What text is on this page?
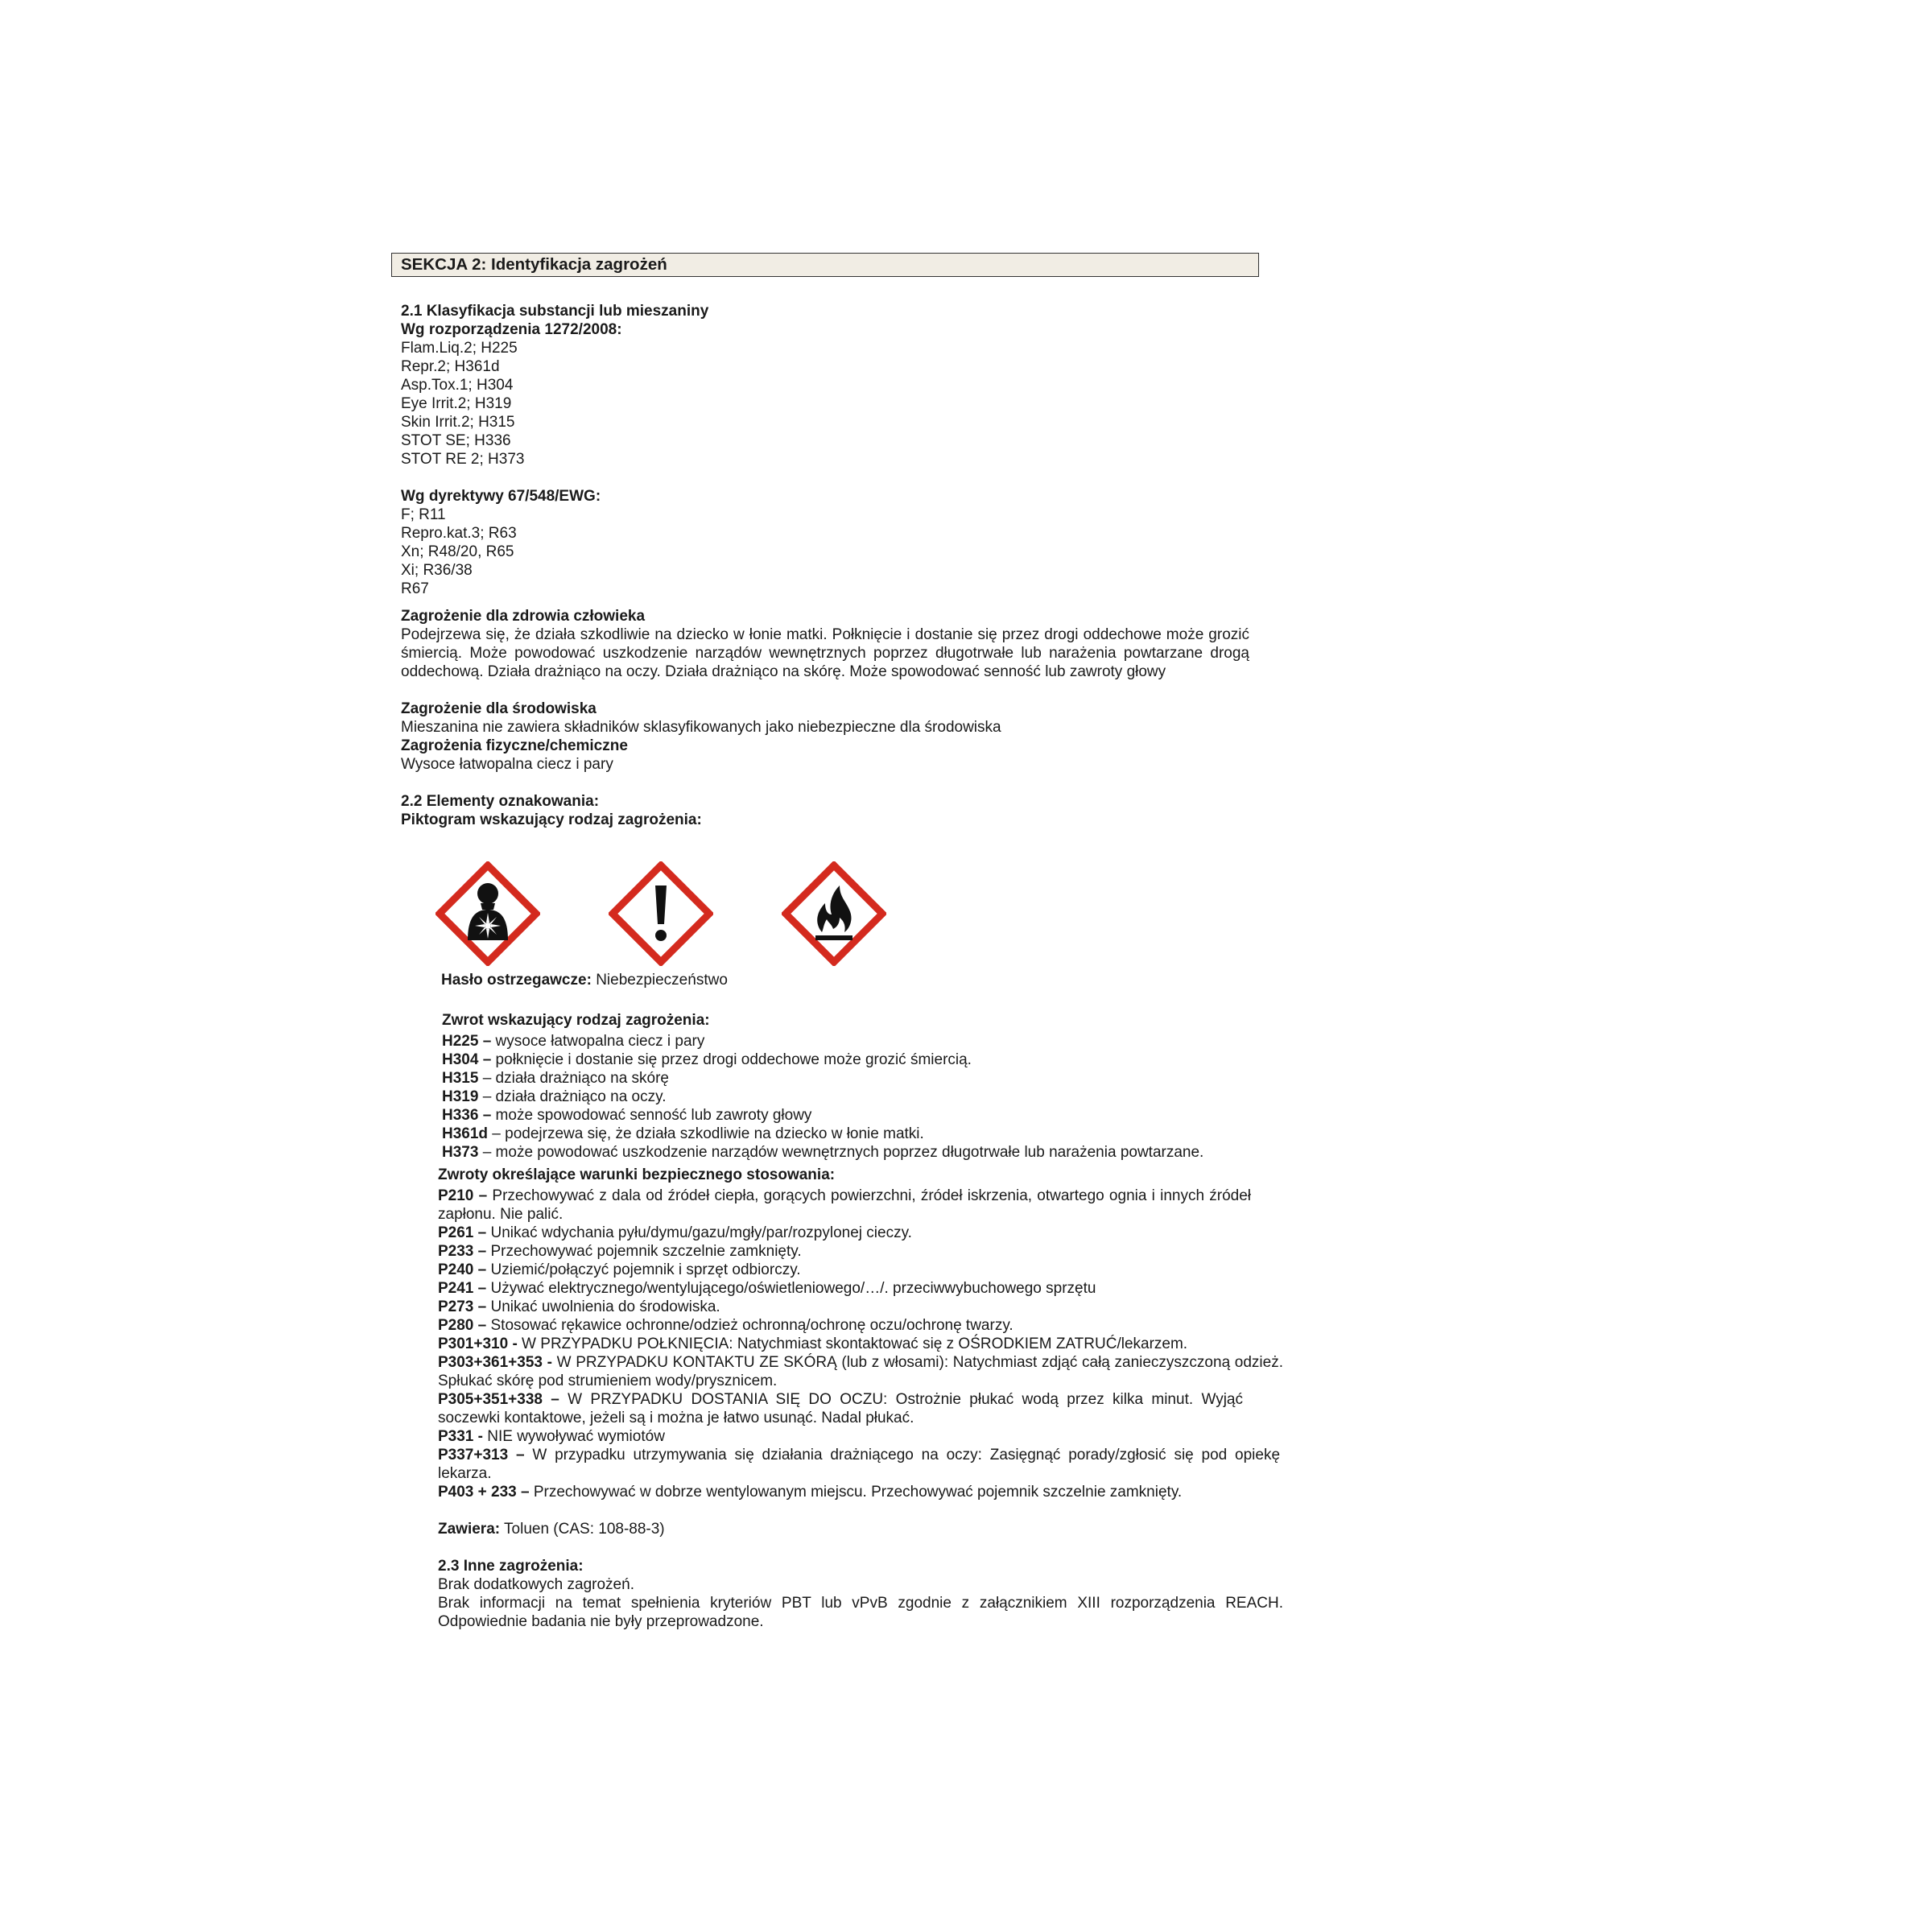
SEKCJA 2: Identyfikacja zagrożeń
2.1 Klasyfikacja substancji lub mieszaniny
Wg rozporządzenia 1272/2008:
Flam.Liq.2; H225
Repr.2; H361d
Asp.Tox.1; H304
Eye Irrit.2; H319
Skin Irrit.2; H315
STOT SE; H336
STOT RE 2; H373
Wg dyrektywy 67/548/EWG:
F; R11
Repro.kat.3; R63
Xn; R48/20, R65
Xi; R36/38
R67
Zagrożenie dla zdrowia człowieka
Podejrzewa się, że działa szkodliwie na dziecko w łonie matki. Połknięcie i dostanie się przez drogi oddechowe może grozić śmiercią. Może powodować uszkodzenie narządów wewnętrznych poprzez długotrwałe lub narażenia powtarzane drogą oddechową. Działa drażniąco na oczy. Działa drażniąco na skórę. Może spowodować senność lub zawroty głowy
Zagrożenie dla środowiska
Mieszanina nie zawiera składników sklasyfikowanych jako niebezpieczne dla środowiska
Zagrożenia fizyczne/chemiczne
Wysoce łatwopalna ciecz i pary
2.2 Elementy oznakowania:
Piktogram wskazujący rodzaj zagrożenia:
Hasło ostrzegawcze: Niebezpieczeństwo
Zwrot wskazujący rodzaj zagrożenia:
H225 – wysoce łatwopalna ciecz i pary
H304 – połknięcie i dostanie się przez drogi oddechowe może grozić śmiercią.
H315 – działa drażniąco na skórę
H319 – działa drażniąco na oczy.
H336 – może spowodować senność lub zawroty głowy
H361d – podejrzewa się, że działa szkodliwie na dziecko w łonie matki.
H373 – może powodować uszkodzenie narządów wewnętrznych poprzez długotrwałe lub narażenia powtarzane.
Zwroty określające warunki bezpiecznego stosowania:
P210 – Przechowywać z dala od źródeł ciepła, gorących powierzchni, źródeł iskrzenia, otwartego ognia i innych źródeł zapłonu. Nie palić.
P261 – Unikać wdychania pyłu/dymu/gazu/mgły/par/rozpylonej cieczy.
P233 – Przechowywać pojemnik szczelnie zamknięty.
P240 – Uziemić/połączyć pojemnik i sprzęt odbiorczy.
P241 – Używać elektrycznego/wentylującego/oświetleniowego/…/. przeciwwybuchowego sprzętu
P273 – Unikać uwolnienia do środowiska.
P280 – Stosować rękawice ochronne/odzież ochronną/ochronę oczu/ochronę twarzy.
P301+310 - W PRZYPADKU POŁKNIĘCIA: Natychmiast skontaktować się z OŚRODKIEM ZATRUĆ/lekarzem.
P303+361+353 - W PRZYPADKU KONTAKTU ZE SKÓRĄ (lub z włosami): Natychmiast zdjąć całą zanieczyszczoną odzież. Spłukać skórę pod strumieniem wody/prysznicem.
P305+351+338 – W PRZYPADKU DOSTANIA SIĘ DO OCZU: Ostrożnie płukać wodą przez kilka minut. Wyjąć soczewki kontaktowe, jeżeli są i można je łatwo usunąć. Nadal płukać.
P331 - NIE wywoływać wymiotów
P337+313 – W przypadku utrzymywania się działania drażniącego na oczy: Zasięgnąć porady/zgłosić się pod opiekę lekarza.
P403 + 233 – Przechowywać w dobrze wentylowanym miejscu. Przechowywać pojemnik szczelnie zamknięty.
Zawiera: Toluen (CAS: 108-88-3)
2.3 Inne zagrożenia:
Brak dodatkowych zagrożeń.
Brak informacji na temat spełnienia kryteriów PBT lub vPvB zgodnie z załącznikiem XIII rozporządzenia REACH. Odpowiednie badania nie były przeprowadzone.
